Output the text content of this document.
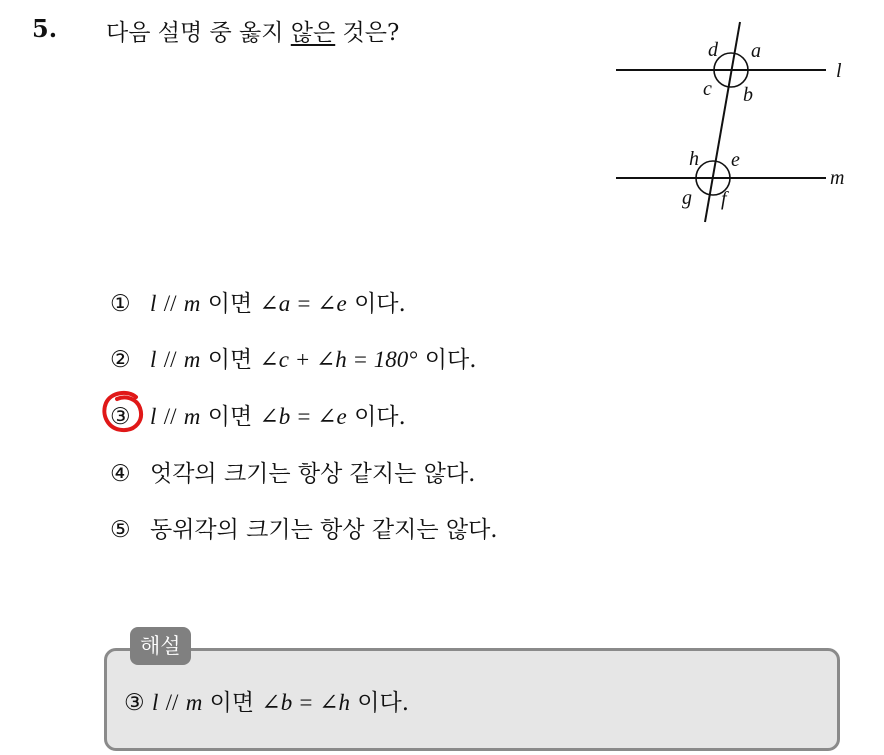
5. 다음 설명 중 옳지 않은 것은?
d a
c b
l
h e
g f
m
① l // m 이면 ∠a = ∠e 이다.
② l // m 이면 ∠c + ∠h = 180° 이다.
③ l // m 이면 ∠b = ∠e 이다.
④ 엇각의 크기는 항상 같지는 않다.
⑤ 동위각의 크기는 항상 같지는 않다.
해설
③ l // m 이면 ∠b = ∠h 이다.
